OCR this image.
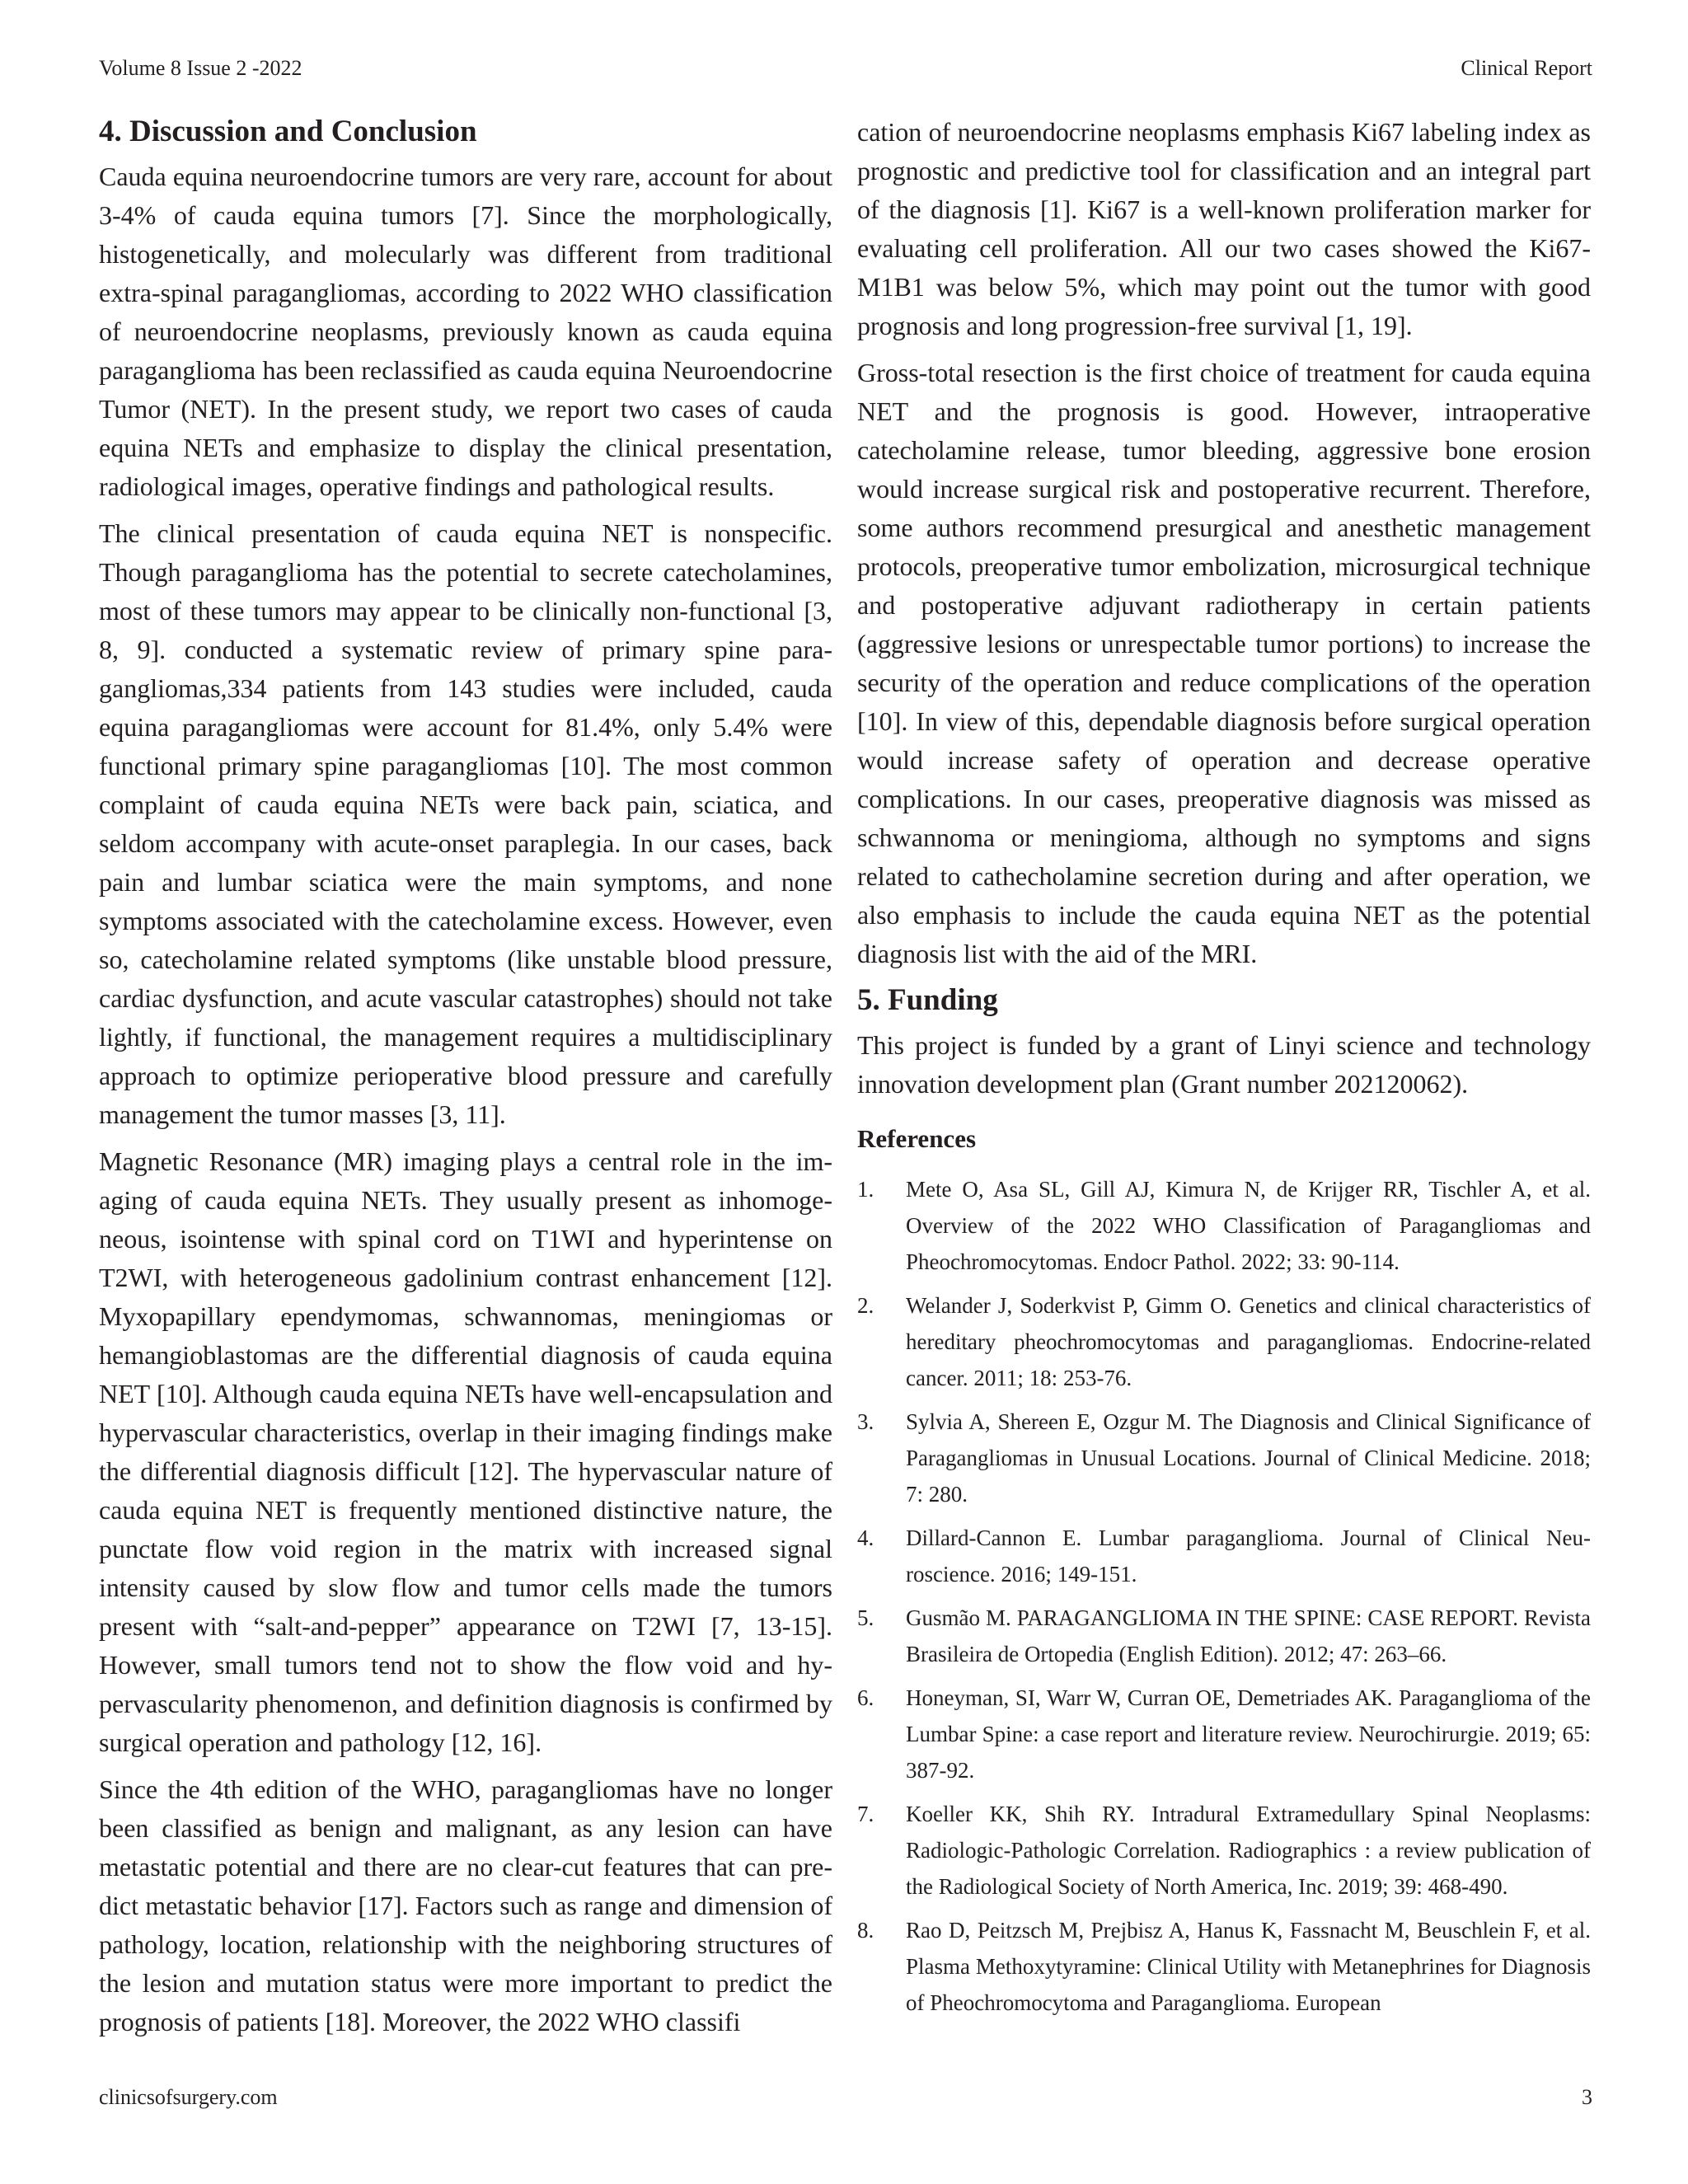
Volume 8 Issue 2 -2022	Clinical Report
4. Discussion and Conclusion

Cauda equina neuroendocrine tumors are very rare, account for about 3-4% of cauda equina tumors [7]. Since the morphologically, histogenetically, and molecularly was different from traditional extra-spinal paragangliomas, according to 2022 WHO classification of neuroendocrine neoplasms, previously known as cauda equina paraganglioma has been reclassified as cauda equina Neuroendocrine Tumor (NET). In the present study, we report two cases of cauda equina NETs and emphasize to display the clinical presentation, radiological images, operative findings and pathological results.

The clinical presentation of cauda equina NET is nonspecific. Though paraganglioma has the potential to secrete catecholamines, most of these tumors may appear to be clinically non-functional [3, 8, 9]. conducted a systematic review of primary spine paragangliomas,334 patients from 143 studies were included, cauda equina paragangliomas were account for 81.4%, only 5.4% were functional primary spine paragangliomas [10]. The most common complaint of cauda equina NETs were back pain, sciatica, and seldom accompany with acute-onset paraplegia. In our cases, back pain and lumbar sciatica were the main symptoms, and none symptoms associated with the catecholamine excess. However, even so, catecholamine related symptoms (like unstable blood pressure, cardiac dysfunction, and acute vascular catastrophes) should not take lightly, if functional, the management requires a multidisciplinary approach to optimize perioperative blood pressure and carefully management the tumor masses [3, 11].

Magnetic Resonance (MR) imaging plays a central role in the imaging of cauda equina NETs. They usually present as inhomogeneous, isointense with spinal cord on T1WI and hyperintense on T2WI, with heterogeneous gadolinium contrast enhancement [12]. Myxopapillary ependymomas, schwannomas, meningiomas or hemangioblastomas are the differential diagnosis of cauda equina NET [10]. Although cauda equina NETs have well-encapsulation and hypervascular characteristics, overlap in their imaging findings make the differential diagnosis difficult [12]. The hypervascular nature of cauda equina NET is frequently mentioned distinctive nature, the punctate flow void region in the matrix with increased signal intensity caused by slow flow and tumor cells made the tumors present with “salt-and-pepper” appearance on T2WI [7, 13-15]. However, small tumors tend not to show the flow void and hypervascularity phenomenon, and definition diagnosis is confirmed by surgical operation and pathology [12, 16].

Since the 4th edition of the WHO, paragangliomas have no longer been classified as benign and malignant, as any lesion can have metastatic potential and there are no clear-cut features that can predict metastatic behavior [17]. Factors such as range and dimension of pathology, location, relationship with the neighboring structures of the lesion and mutation status were more important to predict the prognosis of patients [18]. Moreover, the 2022 WHO classifi

cation of neuroendocrine neoplasms emphasis Ki67 labeling index as prognostic and predictive tool for classification and an integral part of the diagnosis [1]. Ki67 is a well-known proliferation marker for evaluating cell proliferation. All our two cases showed the Ki67-M1B1 was below 5%, which may point out the tumor with good prognosis and long progression-free survival [1, 19].

Gross-total resection is the first choice of treatment for cauda equina NET and the prognosis is good. However, intraoperative catecholamine release, tumor bleeding, aggressive bone erosion would increase surgical risk and postoperative recurrent. Therefore, some authors recommend presurgical and anesthetic management protocols, preoperative tumor embolization, microsurgical technique and postoperative adjuvant radiotherapy in certain patients (aggressive lesions or unrespectable tumor portions) to increase the security of the operation and reduce complications of the operation [10]. In view of this, dependable diagnosis before surgical operation would increase safety of operation and decrease operative complications. In our cases, preoperative diagnosis was missed as schwannoma or meningioma, although no symptoms and signs related to cathecholamine secretion during and after operation, we also emphasis to include the cauda equina NET as the potential diagnosis list with the aid of the MRI.

5. Funding

This project is funded by a grant of Linyi science and technology innovation development plan (Grant number 202120062).

References
1.	Mete O, Asa SL, Gill AJ, Kimura N, de Krijger RR, Tischler A, et al. Overview of the 2022 WHO Classification of Paragangliomas and Pheochromocytomas. Endocr Pathol. 2022; 33: 90-114.
2.	Welander J, Soderkvist P, Gimm O. Genetics and clinical characteristics of hereditary pheochromocytomas and paragangliomas. Endocrine-related cancer. 2011; 18: 253-76.
3.	Sylvia A, Shereen E, Ozgur M. The Diagnosis and Clinical Significance of Paragangliomas in Unusual Locations. Journal of Clinical Medicine. 2018; 7: 280.
4.	Dillard-Cannon E. Lumbar paraganglioma. Journal of Clinical Neuroscience. 2016; 149-151.
5.	Gusmão M. PARAGANGLIOMA IN THE SPINE: CASE REPORT. Revista Brasileira de Ortopedia (English Edition). 2012; 47: 263–66.
6.	Honeyman, SI, Warr W, Curran OE, Demetriades AK. Paraganglioma of the Lumbar Spine: a case report and literature review. Neurochirurgie. 2019; 65: 387-92.
7.	Koeller KK, Shih RY. Intradural Extramedullary Spinal Neoplasms: Radiologic-Pathologic Correlation. Radiographics : a review publication of the Radiological Society of North America, Inc. 2019; 39: 468-490.
8.	Rao D, Peitzsch M, Prejbisz A, Hanus K, Fassnacht M, Beuschlein F, et al. Plasma Methoxytyramine: Clinical Utility with Metanephrines for Diagnosis of Pheochromocytoma and Paraganglioma. European
clinicsofsurgery.com	3
